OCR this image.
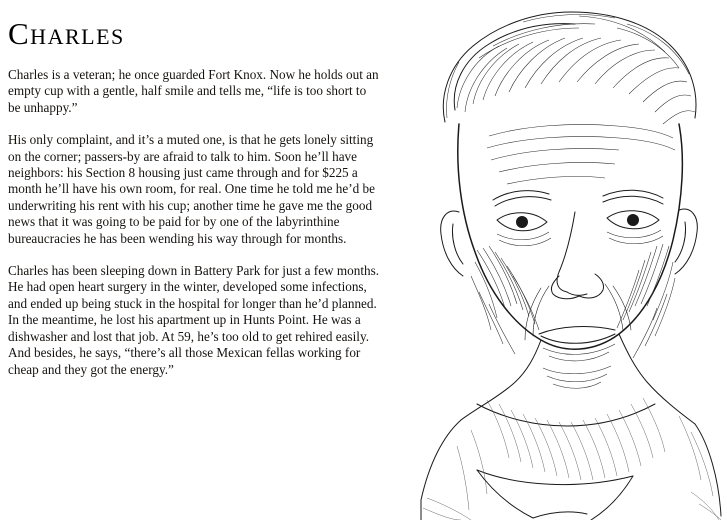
Charles

Charles is a veteran; he once guarded Fort Knox. Now he holds out an empty cup with a gentle, half smile and tells me, “life is too short to be unhappy.”

His only complaint, and it’s a muted one, is that he gets lonely sitting on the corner; passers-by are afraid to talk to him. Soon he’ll have neighbors: his Section 8 housing just came through and for $225 a month he’ll have his own room, for real. One time he told me he’d be underwriting his rent with his cup; another time he gave me the good news that it was going to be paid for by one of the labyrinthine bureaucracies he has been wending his way through for months.

Charles has been sleeping down in Battery Park for just a few months. He had open heart surgery in the winter, developed some infections, and ended up being stuck in the hospital for longer than he’d planned. In the meantime, he lost his apartment up in Hunts Point. He was a dishwasher and lost that job. At 59, he’s too old to get rehired easily. And besides, he says, “there’s all those Mexican fellas working for cheap and they got the energy.”
